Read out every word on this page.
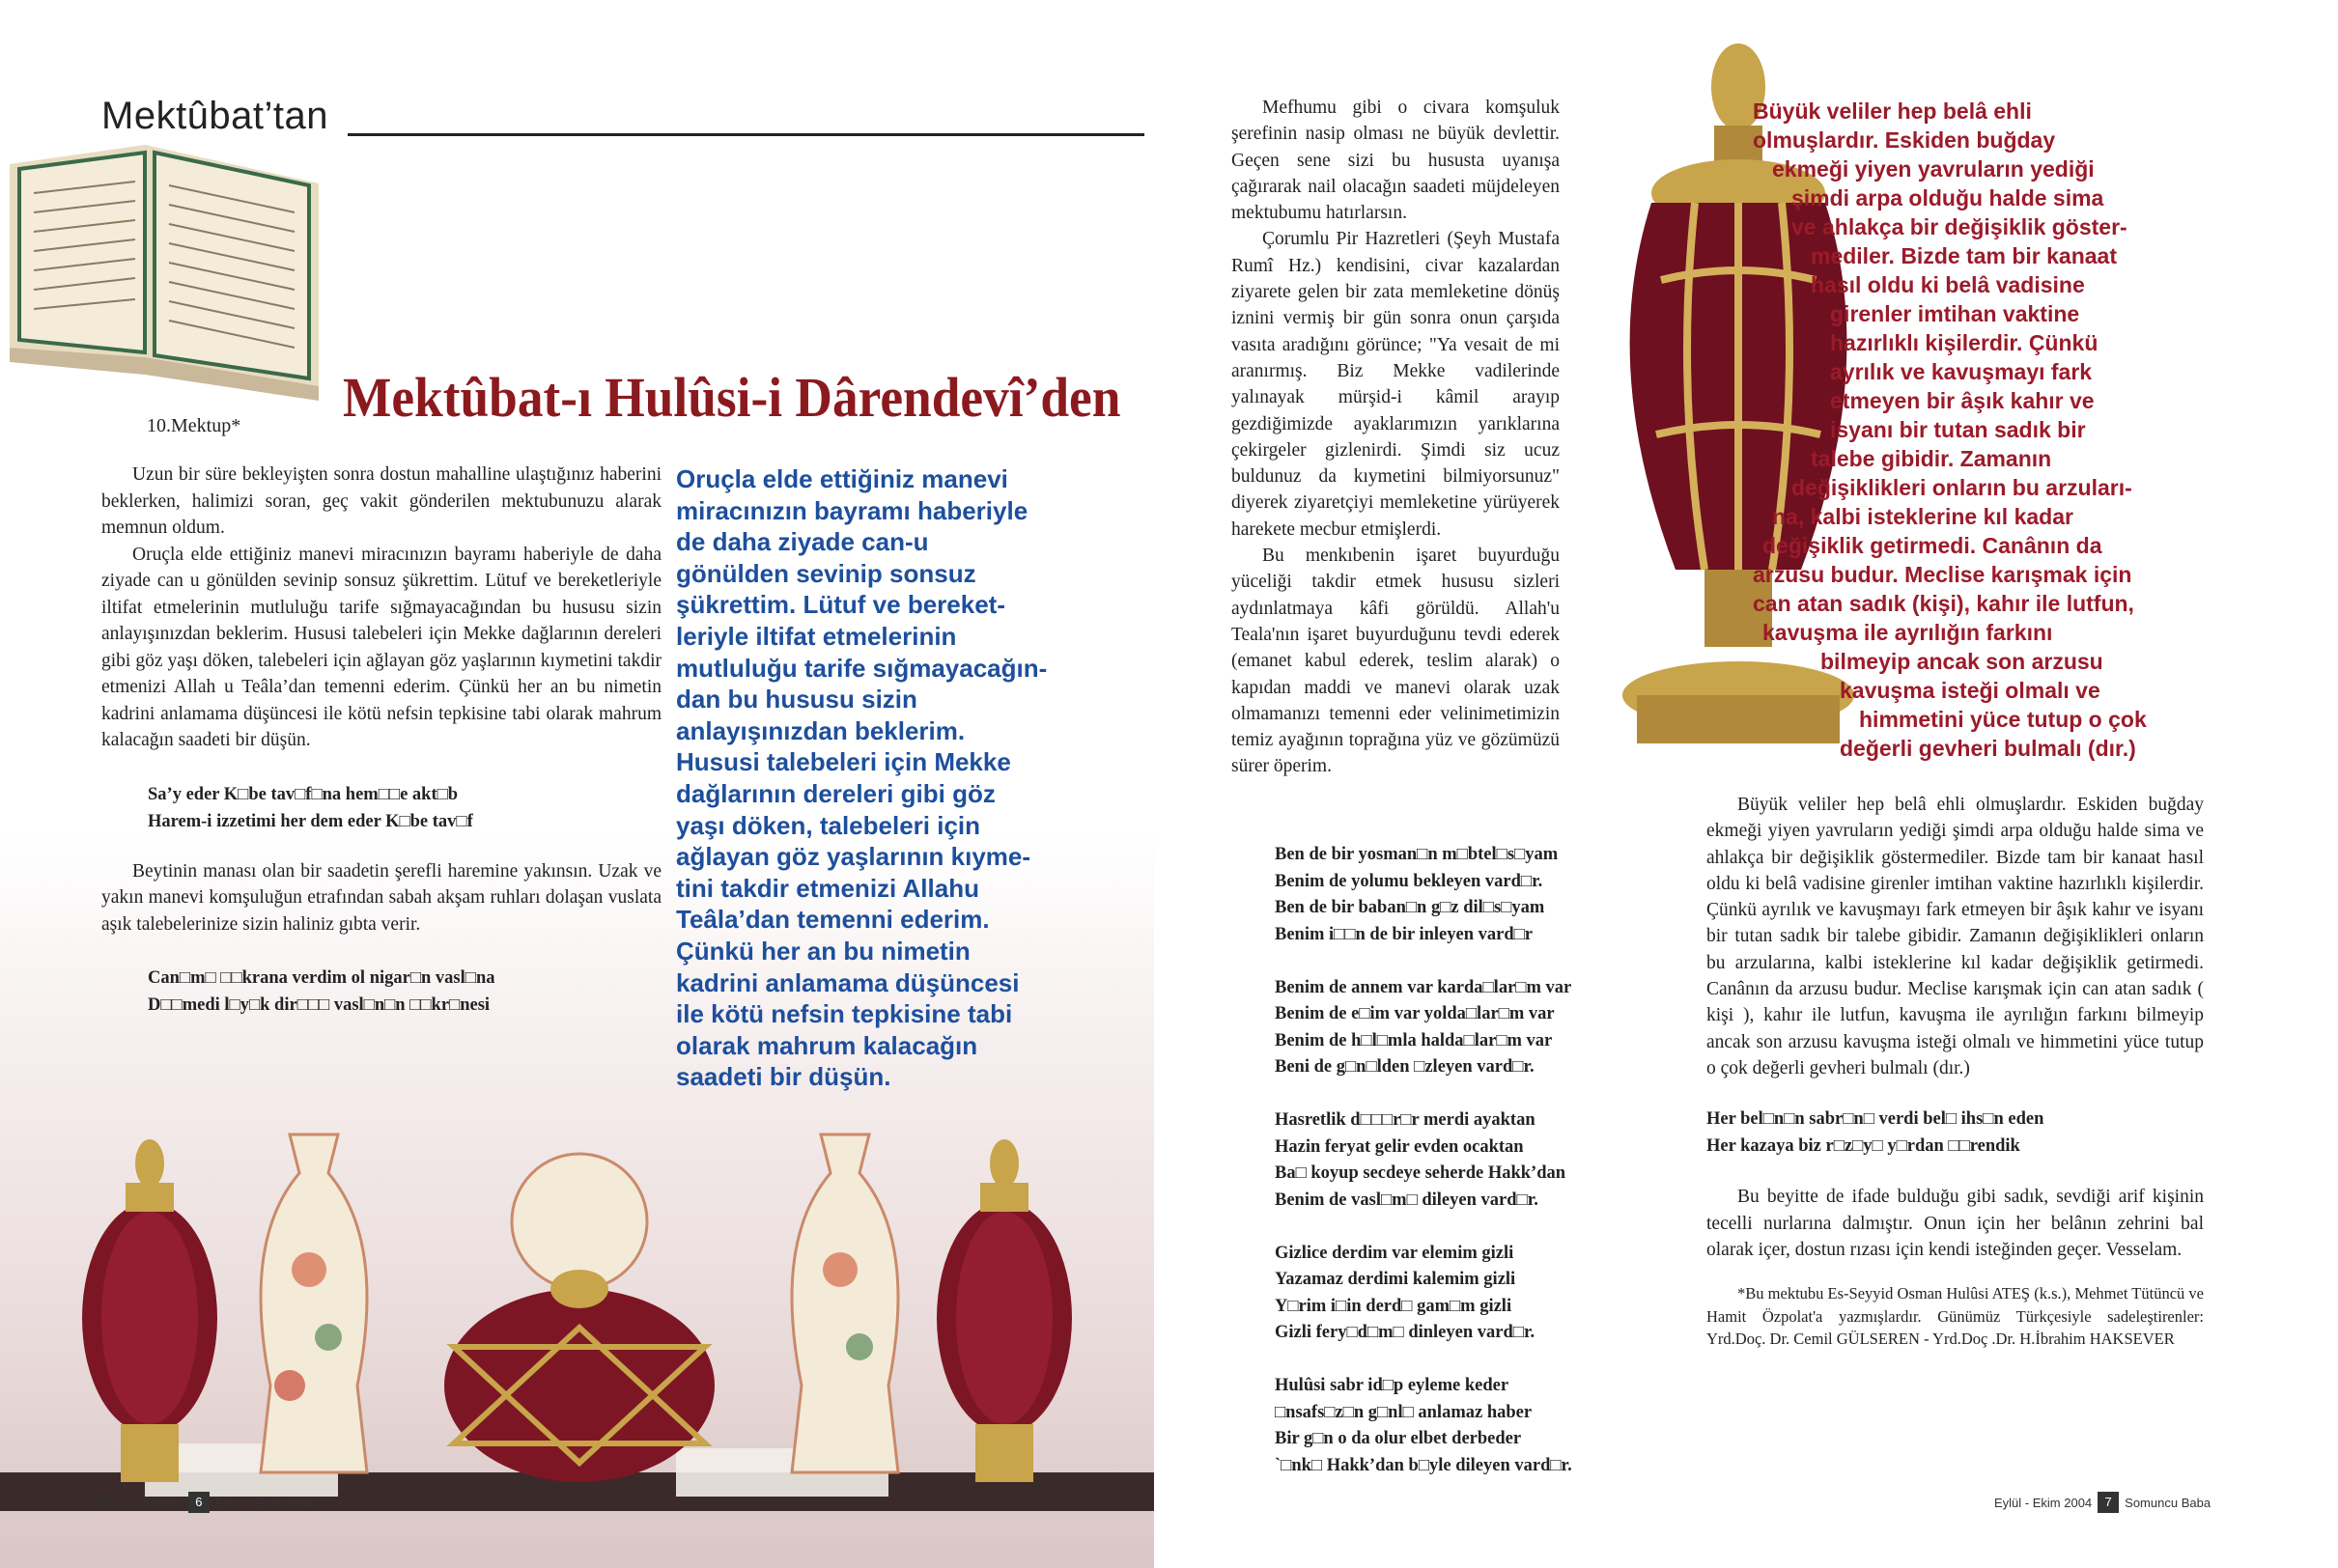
Mektûbat’tan
Mektûbat-ı Hulûsi-i Dârendevî’den
10.Mektup*

Uzun bir süre bekleyişten sonra dostun mahalline ulaştığınız haberini beklerken, halimizi soran, geç vakit gönderilen mektubunuzu alarak memnun oldum.

Oruçla elde ettiğiniz manevi miracınızın bayramı haberiyle de daha ziyade can u gönülden sevinip sonsuz şükrettim. Lütuf ve bereketleriyle iltifat etmelerinin mutluluğu tarife sığmayacağından bu hususu sizin anlayışınızdan beklerim. Hususi talebeleri için Mekke dağlarının dereleri gibi göz yaşı döken, talebeleri için ağlayan göz yaşlarının kıymetini takdir etmenizi Allah u Teâla’dan temenni ederim. Çünkü her an bu nimetin kadrini anlamama düşüncesi ile kötü nefsin tepkisine tabi olarak mahrum kalacağın saadeti bir düşün.

Sa’y eder K□be tav□f□na hem□□e akt□b
Harem-i izzetimi her dem eder K□be tav□f

Beytinin manası olan bir saadetin şerefli haremine yakınsın. Uzak ve yakın manevi komşuluğun etrafından sabah akşam ruhları dolaşan vuslata aşık talebelerinize sizin haliniz gıbta verir.

Can□m□ □□krana verdim ol nigar□n vasl□na
D□□medi l□y□k dir□□□ vasl□n□n □□kr□nesi
Oruçla elde ettiğiniz manevi
miracınızın bayramı haberiyle
de daha ziyade can-u
gönülden sevinip sonsuz
şükrettim. Lütuf ve bereket-
leriyle iltifat etmelerinin
mutluluğu tarife sığmayacağın-
dan bu hususu sizin
anlayışınızdan beklerim.
Hususi talebeleri için Mekke
dağlarının dereleri gibi göz
yaşı döken, talebeleri için
ağlayan göz yaşlarının kıyme-
tini takdir etmenizi Allahu
Teâla’dan temenni ederim.
Çünkü her an bu nimetin
kadrini anlamama düşüncesi
ile kötü nefsin tepkisine tabi
olarak mahrum kalacağın
saadeti bir düşün.
Somuncu Baba	6	Eylül - Ekim 2004

Mefhumu gibi o civara komşuluk şerefinin nasip olması ne büyük devlettir. Geçen sene sizi bu hususta uyanışa çağırarak nail olacağın saadeti müjdeleyen mektubumu hatırlarsın.

Çorumlu Pir Hazretleri (Şeyh Mustafa Rumî Hz.) kendisini, civar kazalardan ziyarete gelen bir zata memleketine dönüş iznini vermiş bir gün sonra onun çarşıda vasıta aradığını görünce; "Ya vesait de mi aranırmış. Biz Mekke vadilerinde yalınayak mürşid-i kâmil arayıp gezdiğimizde ayaklarımızın yarıklarına çekirgeler gizlenirdi. Şimdi siz ucuz buldunuz da kıymetini bilmiyorsunuz" diyerek ziyaretçiyi memleketine yürüyerek harekete mecbur etmişlerdi.

Bu menkıbenin işaret buyurduğu yüceliği takdir etmek hususu sizleri aydınlatmaya kâfi görüldü. Allah'u Teala'nın işaret buyurduğunu tevdi ederek (emanet kabul ederek, teslim alarak) o kapıdan maddi ve manevi olarak uzak olmamanızı temenni eder velinimetimizin temiz ayağının toprağına yüz ve gözümüzü sürer öperim.

Büyük veliler hep belâ ehli
olmuşlardır. Eskiden buğday
ekmeği yiyen yavruların yediği
şimdi arpa olduğu halde sima
ve ahlakça bir değişiklik göster-
mediler. Bizde tam bir kanaat
hasıl oldu ki belâ vadisine
girenler imtihan vaktine
hazırlıklı kişilerdir. Çünkü
ayrılık ve kavuşmayı fark
etmeyen bir âşık kahır ve
isyanı bir tutan sadık bir
talebe gibidir. Zamanın
değişiklikleri onların bu arzuları-
na, kalbi isteklerine kıl kadar
değişiklik getirmedi. Canânın da
arzusu budur. Meclise karışmak için
can atan sadık (kişi), kahır ile lutfun,
kavuşma ile ayrılığın farkını
bilmeyip ancak son arzusu
kavuşma isteği olmalı ve
himmetini yüce tutup o çok
değerli gevheri bulmalı (dır.)
Ben de bir yosman□n m□btel□s□yam
Benim de yolumu bekleyen vard□r.
Ben de bir baban□n g□z dil□s□yam
Benim i□□n de bir inleyen vard□r
Benim de annem var karda□lar□m var
Benim de e□im var yolda□lar□m var
Benim de h□l□mla halda□lar□m var
Beni de g□n□lden □zleyen vard□r.
Hasretlik d□□□r□r merdi ayaktan
Hazin feryat gelir evden ocaktan
Ba□ koyup secdeye seherde Hakk’dan
Benim de vasl□m□ dileyen vard□r.
Gizlice derdim var elemim gizli
Yazamaz derdimi kalemim gizli
Y□rim i□in derd□ gam□m gizli
Gizli fery□d□m□ dinleyen vard□r.
Hulûsi sabr id□p eyleme keder
□nsafs□z□n g□nl□ anlamaz haber
Bir g□n o da olur elbet derbeder
`□nk□ Hakk’dan b□yle dileyen vard□r.

Büyük veliler hep belâ ehli olmuşlardır. Eskiden buğday ekmeği yiyen yavruların yediği şimdi arpa olduğu halde sima ve ahlakça bir değişiklik göstermediler. Bizde tam bir kanaat hasıl oldu ki belâ vadisine girenler imtihan vaktine hazırlıklı kişilerdir. Çünkü ayrılık ve kavuşmayı fark etmeyen bir âşık kahır ve isyanı bir tutan sadık bir talebe gibidir. Zamanın değişiklikleri onların bu arzularına, kalbi isteklerine kıl kadar değişiklik getirmedi. Canânın da arzusu budur. Meclise karışmak için can atan sadık ( kişi ), kahır ile lutfun, kavuşma ile ayrılığın farkını bilmeyip ancak son arzusu kavuşma isteği olmalı ve himmetini yüce tutup o çok değerli gevheri bulmalı (dır.)

Her bel□n□n sabr□n□ verdi bel□ ihs□n eden
Her kazaya biz r□z□y□ y□rdan □□rendik

Bu beyitte de ifade bulduğu gibi sadık, sevdiği arif kişinin tecelli nurlarına dalmıştır. Onun için her belânın zehrini bal olarak içer, dostun rızası için kendi isteğinden geçer. Vesselam.

*Bu mektubu Es-Seyyid Osman Hulûsi ATEŞ (k.s.), Mehmet Tütüncü ve Hamit Özpolat'a yazmışlardır. Günümüz Türkçesiyle sadeleştirenler: Yrd.Doç. Dr. Cemil GÜLSEREN - Yrd.Doç .Dr. H.İbrahim HAKSEVER

Eylül - Ekim 2004	7	Somuncu Baba
